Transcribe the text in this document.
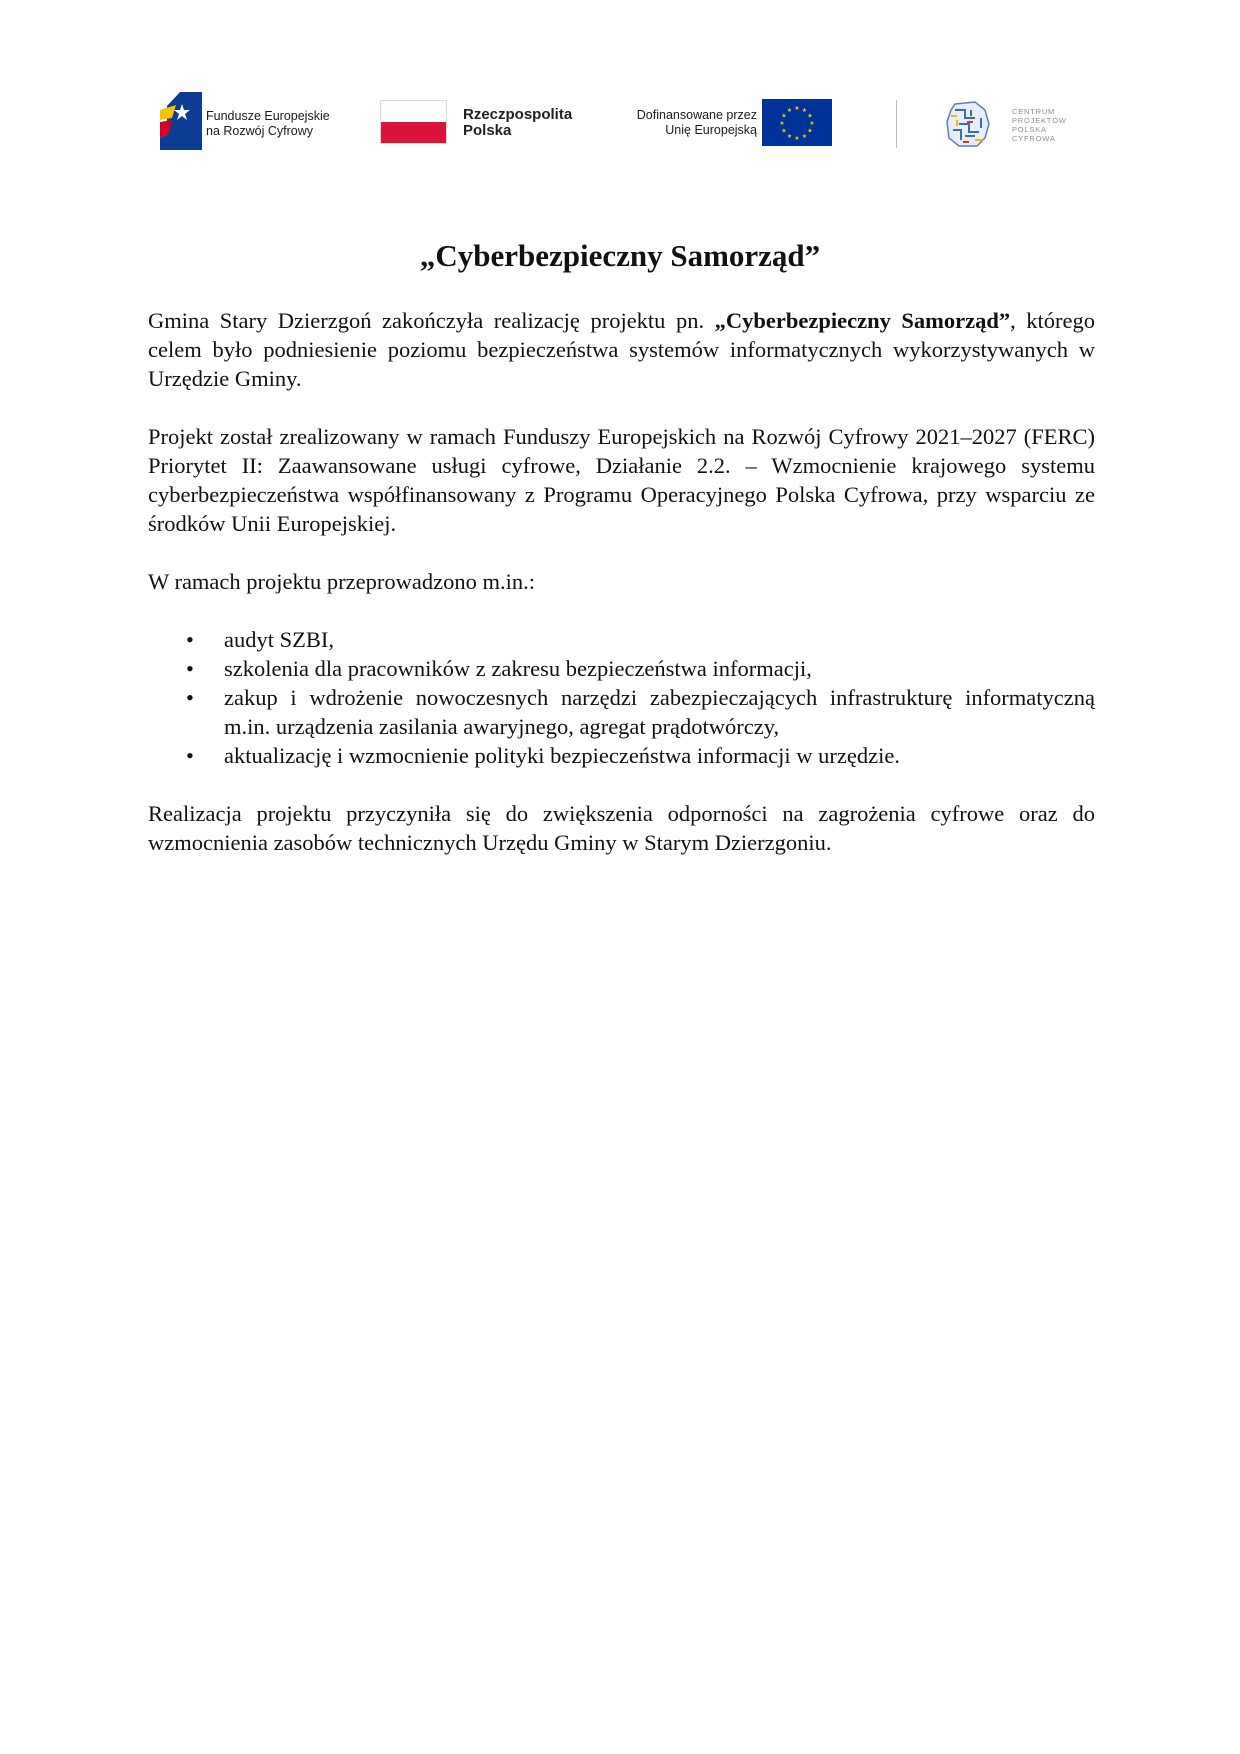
Fundusze Europejskie
na Rozwój Cyfrowy
Rzeczpospolita
Polska
Dofinansowane przez
Unię Europejską
★ ★
★
★
★
★
★
★
★
★
★
★	CENTRUM
PROJEKTÓW
POLSKA
CYFROWA
„Cyberbezpieczny Samorząd”

Gmina Stary Dzierzgoń zakończyła realizację projektu pn. „Cyberbezpieczny Samorząd”, którego celem było podniesienie poziomu bezpieczeństwa systemów informatycznych wykorzystywanych w Urzędzie Gminy.

Projekt został zrealizowany w ramach Funduszy Europejskich na Rozwój Cyfrowy 2021–2027 (FERC) Priorytet II: Zaawansowane usługi cyfrowe, Działanie 2.2. – Wzmocnienie krajowego systemu cyberbezpieczeństwa współfinansowany z Programu Operacyjnego Polska Cyfrowa, przy wsparciu ze środków Unii Europejskiej.

W ramach projektu przeprowadzono m.in.:

• audyt SZBI,
• szkolenia dla pracowników z zakresu bezpieczeństwa informacji,
• zakup i wdrożenie nowoczesnych narzędzi zabezpieczających infrastrukturę informatyczną m.in. urządzenia zasilania awaryjnego, agregat prądotwórczy,
• aktualizację i wzmocnienie polityki bezpieczeństwa informacji w urzędzie.

Realizacja projektu przyczyniła się do zwiększenia odporności na zagrożenia cyfrowe oraz do wzmocnienia zasobów technicznych Urzędu Gminy w Starym Dzierzgoniu.
